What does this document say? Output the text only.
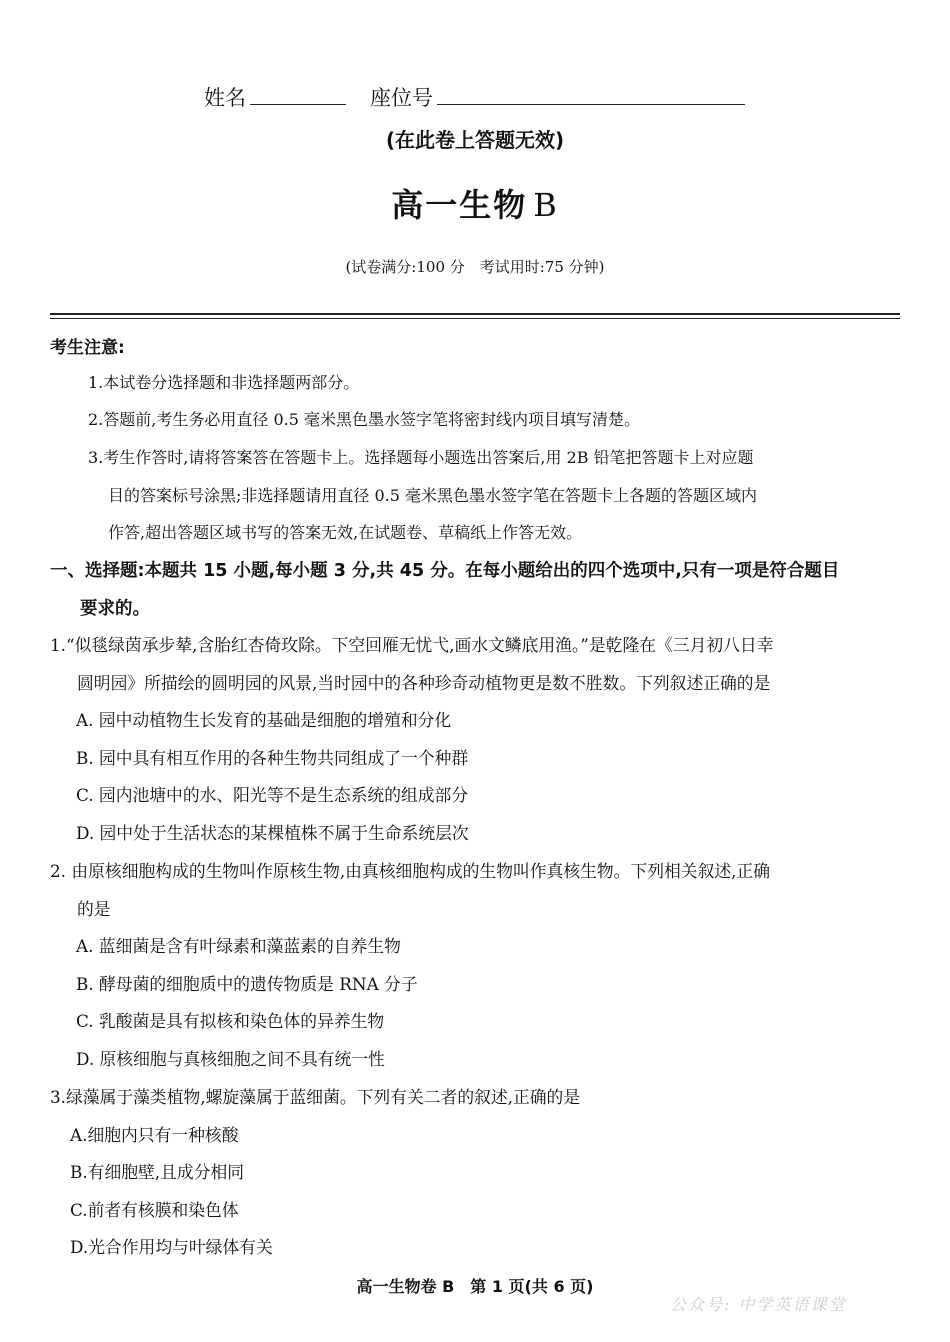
姓名	座位号
(在此卷上答题无效)
高一生物 B
(试卷满分:100 分　考试用时:75 分钟)
考生注意:
1.本试卷分选择题和非选择题两部分。
2.答题前,考生务必用直径 0.5 毫米黑色墨水签字笔将密封线内项目填写清楚。
3.考生作答时,请将答案答在答题卡上。选择题每小题选出答案后,用 2B 铅笔把答题卡上对应题
目的答案标号涂黑;非选择题请用直径 0.5 毫米黑色墨水签字笔在答题卡上各题的答题区域内
作答,超出答题区域书写的答案无效,在试题卷、草稿纸上作答无效。
一、选择题:本题共 15 小题,每小题 3 分,共 45 分。在每小题给出的四个选项中,只有一项是符合题目
要求的。
1.“似毯绿茵承步辇,含胎红杏倚玫除。下空回雁无忧弋,画水文鳞底用渔。”是乾隆在《三月初八日幸
圆明园》所描绘的圆明园的风景,当时园中的各种珍奇动植物更是数不胜数。下列叙述正确的是
A. 园中动植物生长发育的基础是细胞的增殖和分化
B. 园中具有相互作用的各种生物共同组成了一个种群
C. 园内池塘中的水、阳光等不是生态系统的组成部分
D. 园中处于生活状态的某棵植株不属于生命系统层次
2. 由原核细胞构成的生物叫作原核生物,由真核细胞构成的生物叫作真核生物。下列相关叙述,正确
的是
A. 蓝细菌是含有叶绿素和藻蓝素的自养生物
B. 酵母菌的细胞质中的遗传物质是 RNA 分子
C. 乳酸菌是具有拟核和染色体的异养生物
D. 原核细胞与真核细胞之间不具有统一性
3.绿藻属于藻类植物,螺旋藻属于蓝细菌。下列有关二者的叙述,正确的是
A.细胞内只有一种核酸
B.有细胞壁,且成分相同
C.前者有核膜和染色体
D.光合作用均与叶绿体有关
高一生物卷 B　第 1 页(共 6 页)
公众号: 中学英语课堂
